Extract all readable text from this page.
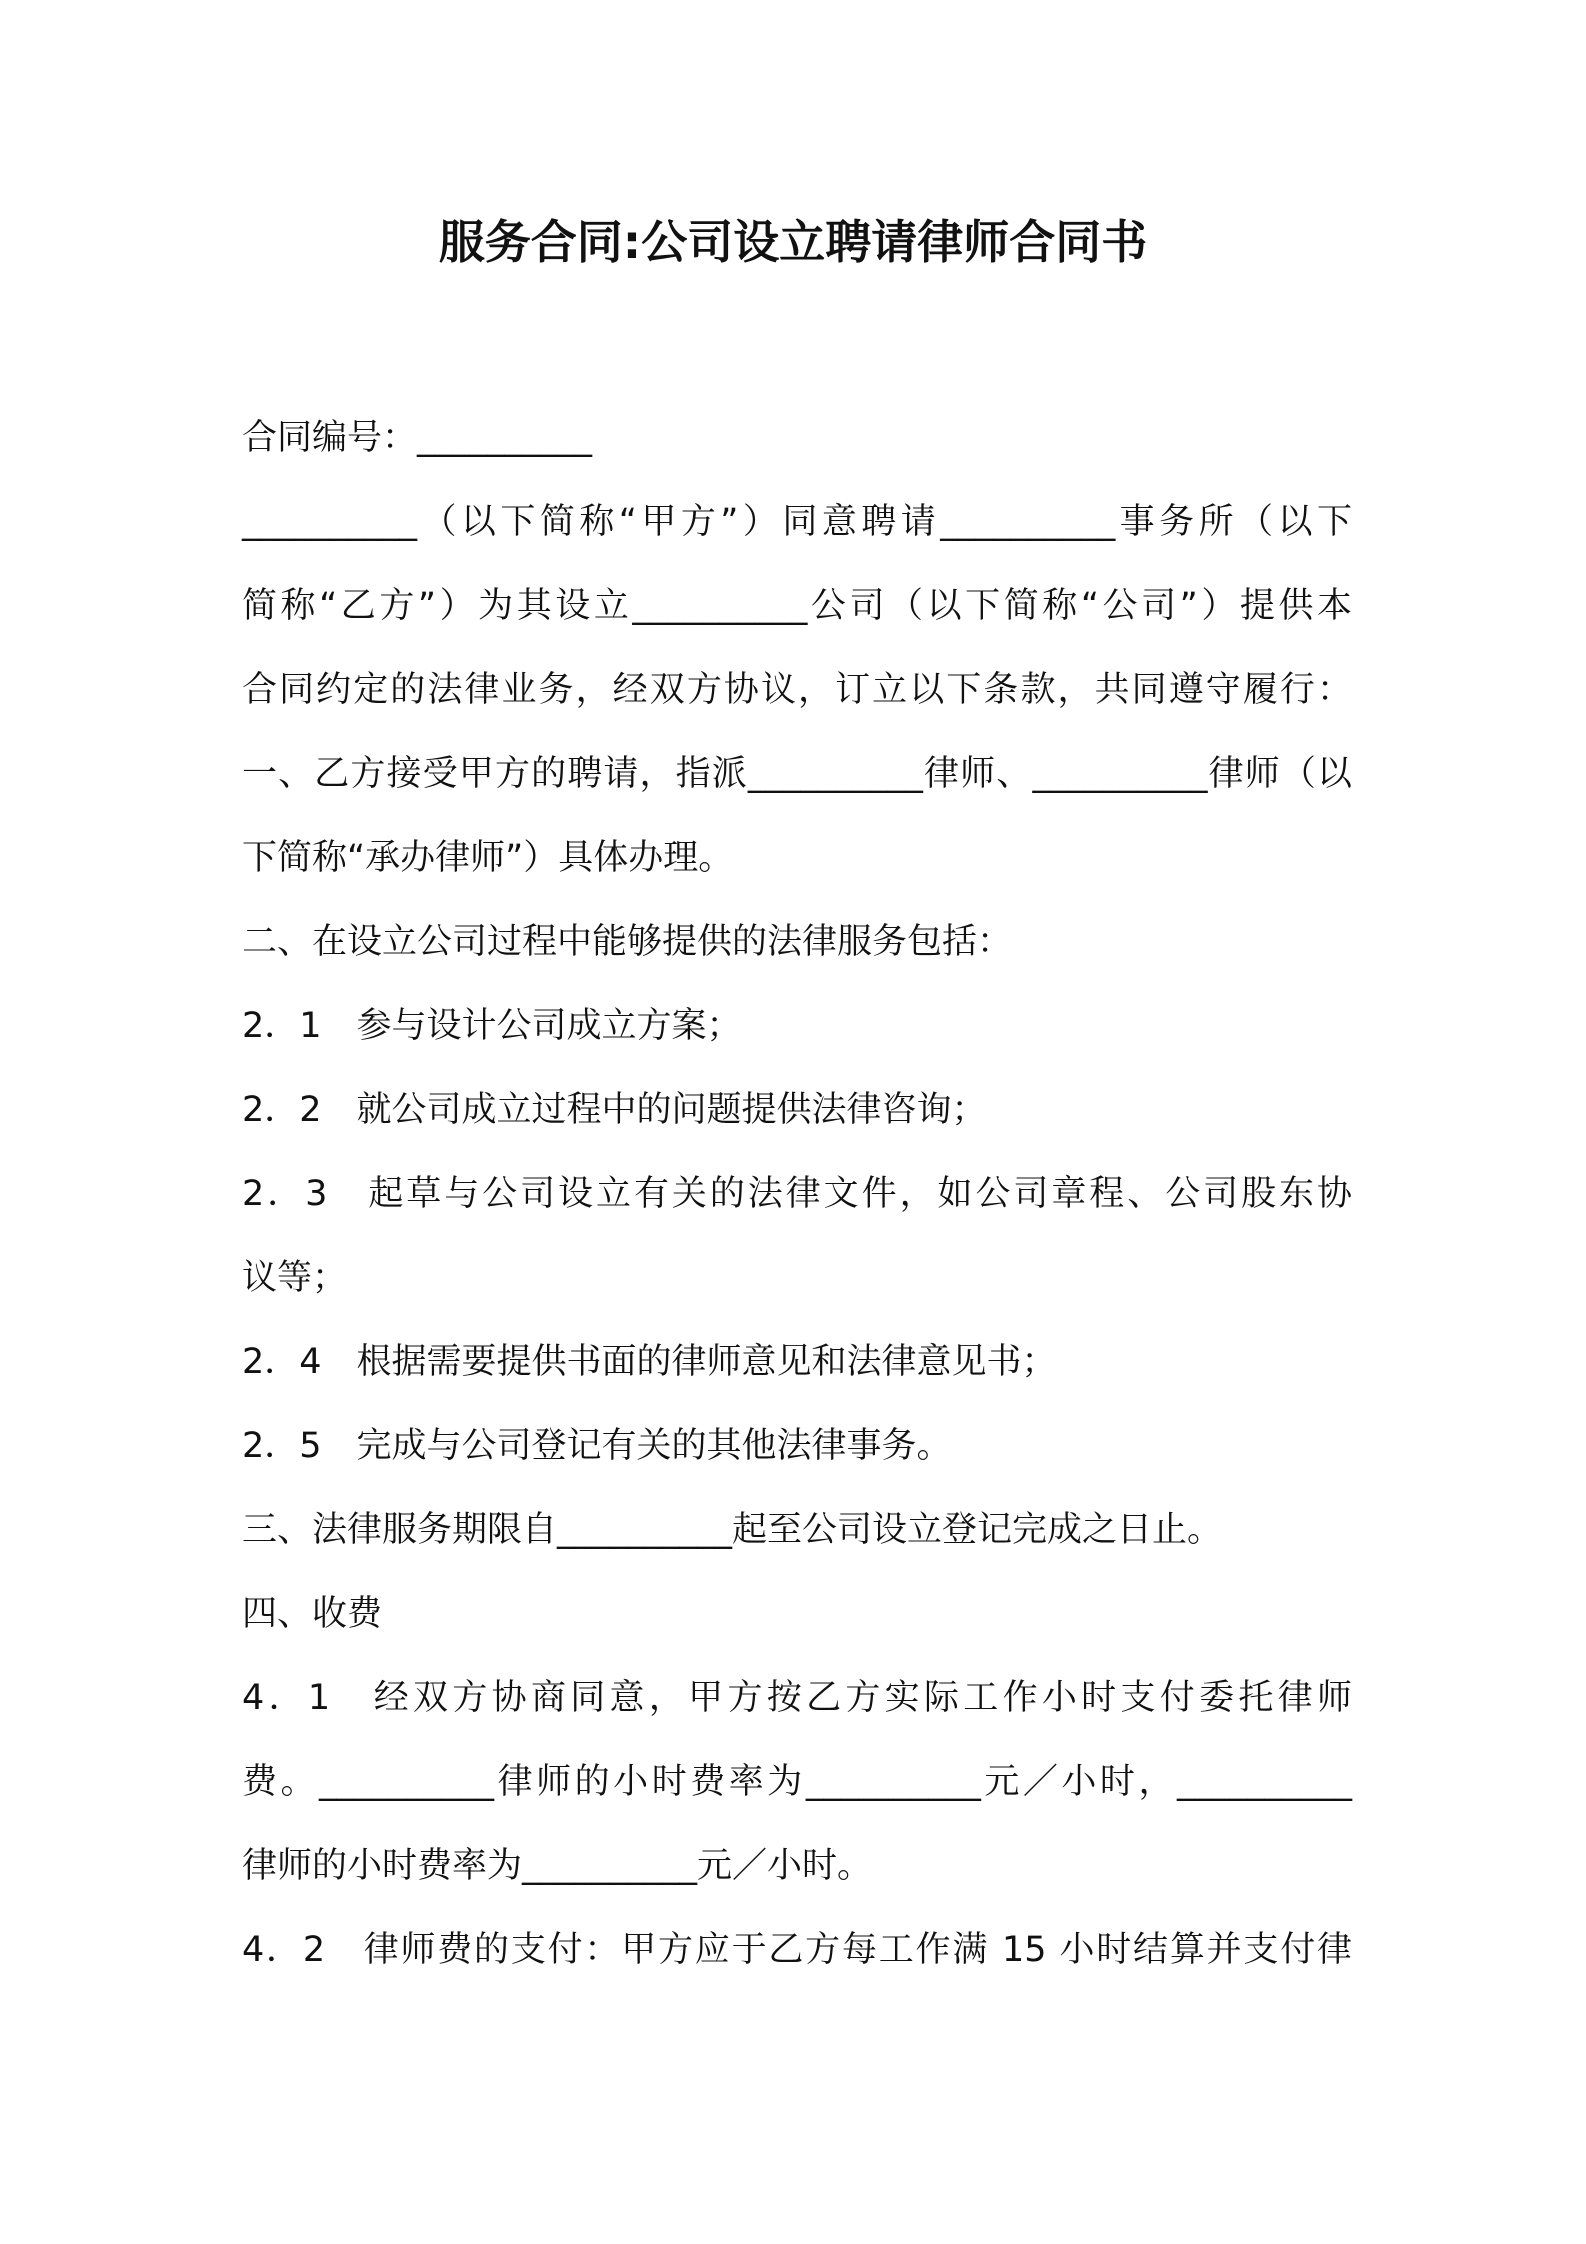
服务合同:公司设立聘请律师合同书
合同编号：__________
__________（以下简称“甲方”）同意聘请__________事务所（以下
简称“乙方”）为其设立__________公司（以下简称“公司”）提供本
合同约定的法律业务，经双方协议，订立以下条款，共同遵守履行：
一、乙方接受甲方的聘请，指派__________律师、__________律师（以
下简称“承办律师”）具体办理。
二、在设立公司过程中能够提供的法律服务包括：
2．1　参与设计公司成立方案；
2．2　就公司成立过程中的问题提供法律咨询；
2．3　起草与公司设立有关的法律文件，如公司章程、公司股东协
议等；
2．4　根据需要提供书面的律师意见和法律意见书；
2．5　完成与公司登记有关的其他法律事务。
三、法律服务期限自__________起至公司设立登记完成之日止。
四、收费
4．1　经双方协商同意，甲方按乙方实际工作小时支付委托律师
费。__________律师的小时费率为__________元／小时，__________
律师的小时费率为__________元／小时。
4．2　律师费的支付：甲方应于乙方每工作满 15 小时结算并支付律
